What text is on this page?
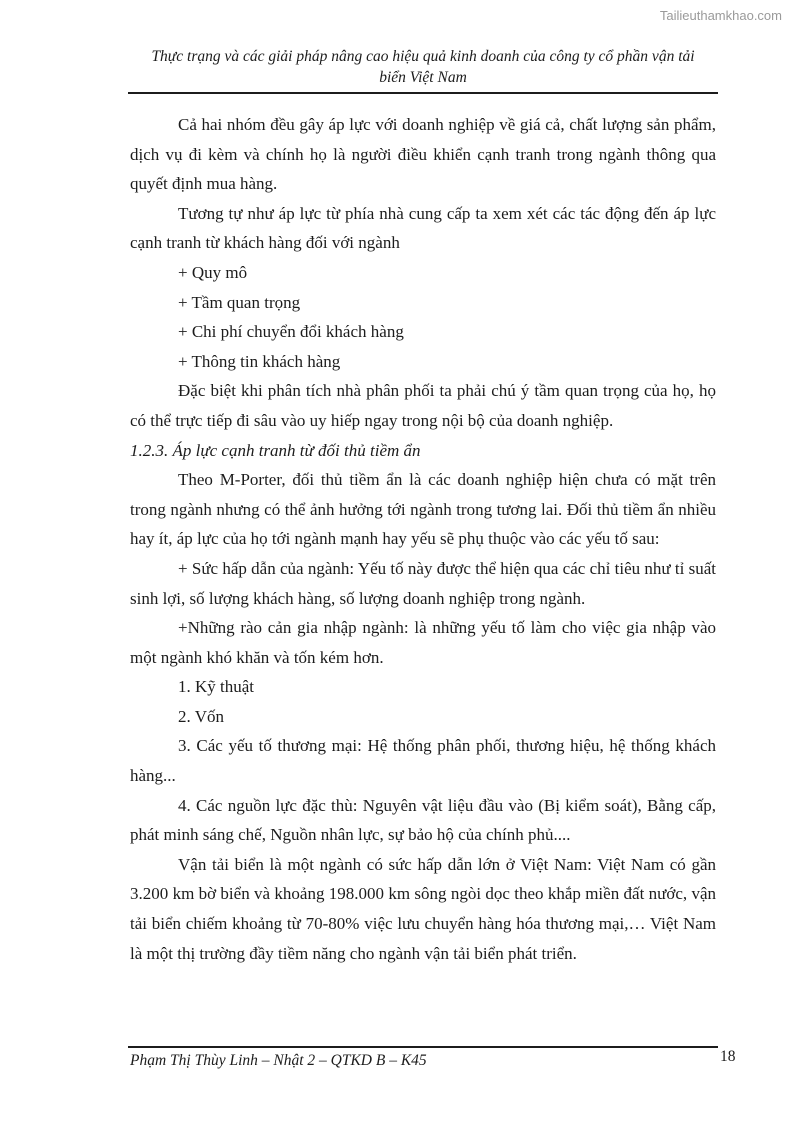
Tailieuthamkhao.com
Thực trạng và các giải pháp nâng cao hiệu quả kinh doanh của công ty cổ phần vận tải
biển Việt Nam

Cả hai nhóm đều gây áp lực với doanh nghiệp về giá cả, chất lượng sản phẩm, dịch vụ đi kèm và chính họ là người điều khiển cạnh tranh trong ngành thông qua quyết định mua hàng.

Tương tự như áp lực từ phía nhà cung cấp ta xem xét các tác động đến áp lực cạnh tranh từ khách hàng đối với ngành

+ Quy mô

+ Tầm quan trọng

+ Chi phí chuyển đổi khách hàng

+ Thông tin khách hàng

Đặc biệt khi phân tích nhà phân phối ta phải chú ý tầm quan trọng của họ, họ có thể trực tiếp đi sâu vào uy hiếp ngay trong nội bộ của doanh nghiệp.

1.2.3. Áp lực cạnh tranh từ đối thủ tiềm ẩn

Theo M-Porter, đối thủ tiềm ẩn là các doanh nghiệp hiện chưa có mặt trên trong ngành nhưng có thể ảnh hưởng tới ngành trong tương lai. Đối thủ tiềm ẩn nhiều hay ít, áp lực của họ tới ngành mạnh hay yếu sẽ phụ thuộc vào các yếu tố sau:

+ Sức hấp dẫn của ngành: Yếu tố này được thể hiện qua các chỉ tiêu như tỉ suất sinh lợi, số lượng khách hàng, số lượng doanh nghiệp trong ngành.

+Những rào cản gia nhập ngành: là những yếu tố làm cho việc gia nhập vào một ngành khó khăn và tốn kém hơn.

1. Kỹ thuật

2. Vốn

3. Các yếu tố thương mại: Hệ thống phân phối, thương hiệu, hệ thống khách hàng...

4. Các nguồn lực đặc thù: Nguyên vật liệu đầu vào (Bị kiểm soát), Bằng cấp, phát minh sáng chế, Nguồn nhân lực, sự bảo hộ của chính phủ....

Vận tải biển là một ngành có sức hấp dẫn lớn ở Việt Nam: Việt Nam có gần 3.200 km bờ biển và khoảng 198.000 km sông ngòi dọc theo khắp miền đất nước, vận tải biển chiếm khoảng từ 70-80% việc lưu chuyển hàng hóa thương mại,… Việt Nam là một thị trường đầy tiềm năng cho ngành vận tải biển phát triển.

Phạm Thị Thùy Linh – Nhật 2 – QTKD B – K45	18
